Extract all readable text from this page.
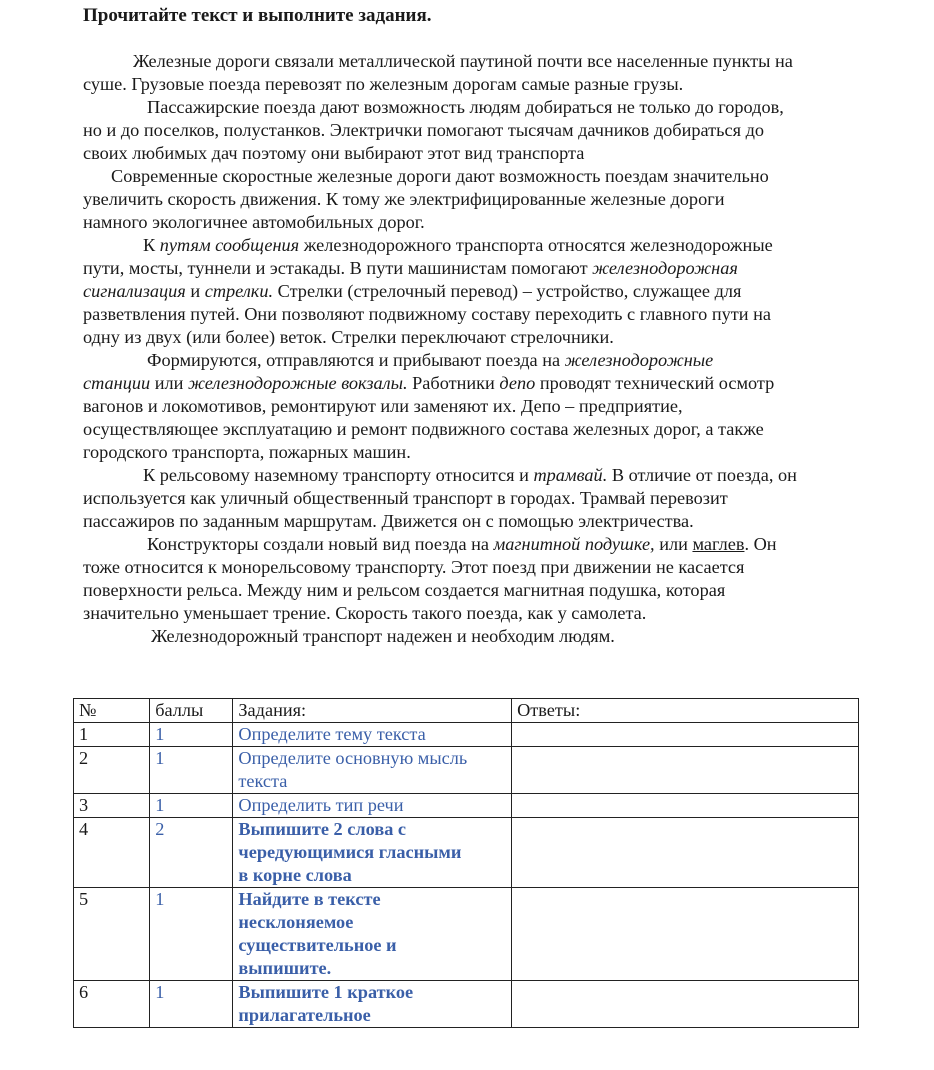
Прочитайте текст и выполните задания.
Железные дороги связали металлической паутиной почти все населенные пункты на
суше. Грузовые поезда перевозят по железным дорогам самые разные грузы.
Пассажирские поезда дают возможность людям добираться не только до городов,
но и до поселков, полустанков. Электрички помогают тысячам дачников добираться до
своих любимых дач поэтому они выбирают этот вид транспорта
Современные скоростные железные дороги дают возможность поездам значительно
увеличить скорость движения. К тому же электрифицированные железные дороги
намного экологичнее автомобильных дорог.
К путям сообщения железнодорожного транспорта относятся железнодорожные
пути, мосты, туннели и эстакады. В пути машинистам помогают железнодорожная
сигнализация и стрелки. Стрелки (стрелочный перевод) – устройство, служащее для
разветвления путей. Они позволяют подвижному составу переходить с главного пути на
одну из двух (или более) веток. Стрелки переключают стрелочники.
Формируются, отправляются и прибывают поезда на железнодорожные
станции или железнодорожные вокзалы. Работники депо проводят технический осмотр
вагонов и локомотивов, ремонтируют или заменяют их. Депо – предприятие,
осуществляющее эксплуатацию и ремонт подвижного состава железных дорог, а также
городского транспорта, пожарных машин.
К рельсовому наземному транспорту относится и трамвай. В отличие от поезда, он
используется как уличный общественный транспорт в городах. Трамвай перевозит
пассажиров по заданным маршрутам. Движется он с помощью электричества.
Конструкторы создали новый вид поезда на магнитной подушке, или маглев. Он
тоже относится к монорельсовому транспорту. Этот поезд при движении не касается
поверхности рельса. Между ним и рельсом создается магнитная подушка, которая
значительно уменьшает трение. Скорость такого поезда, как у самолета.
Железнодорожный транспорт надежен и необходим людям.
№	баллы	Задания:	Ответы:
1	1	Определите тему текста	

2	1	Определите основную мысль
текста	

3	1	Определить тип речи	

4	2	Выпишите 2 слова с
чередующимися гласными
в корне слова	

5	1	Найдите в тексте
несклоняемое
существительное и
выпишите.	

6	1	Выпишите 1 краткое
прилагательное	
